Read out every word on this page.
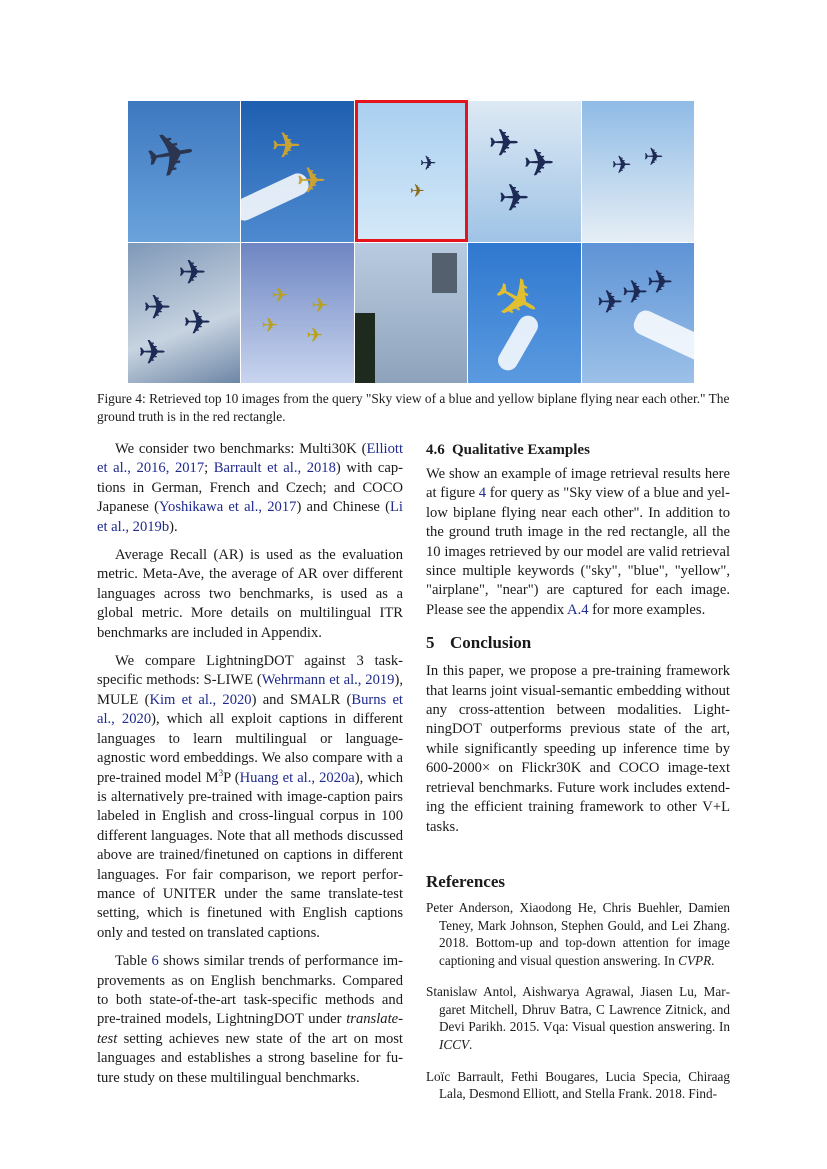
✈ ✈
✈	✈
✈
✈ ✈
✈
✈ ✈
✈
✈ ✈
✈
✈ ✈
✈ ✈	✈ ✈
✈
✈
Figure 4: Retrieved top 10 images from the query "Sky view of a blue and yellow biplane flying near each other." The ground truth is in the red rectangle.

We consider two benchmarks: Multi30K (Elliott et al., 2016, 2017; Barrault et al., 2018) with captions in German, French and Czech; and COCO Japanese (Yoshikawa et al., 2017) and Chinese (Li et al., 2019b).

Average Recall (AR) is used as the evaluation metric. Meta-Ave, the average of AR over different languages across two benchmarks, is used as a global metric. More details on multilingual ITR benchmarks are included in Appendix.

We compare LightningDOT against 3 task-specific methods: S-LIWE (Wehrmann et al., 2019), MULE (Kim et al., 2020) and SMALR (Burns et al., 2020), which all exploit captions in different languages to learn multilingual or language-agnostic word embeddings. We also compare with a pre-trained model $M^3P$ (Huang et al., 2020a), which is alternatively pre-trained with image-caption pairs labeled in English and cross-lingual corpus in 100 different languages. Note that all methods discussed above are trained/finetuned on captions in different languages. For fair comparison, we report performance of UNITER under the same translate-test setting, which is finetuned with English captions only and tested on translated captions.

Table 6 shows similar trends of performance improvements as on English benchmarks. Compared to both state-of-the-art task-specific methods and pre-trained models, LightningDOT under translate-test setting achieves new state of the art on most languages and establishes a strong baseline for future study on these multilingual benchmarks.

4.6 Qualitative Examples

We show an example of image retrieval results here at figure 4 for query as "Sky view of a blue and yellow biplane flying near each other". In addition to the ground truth image in the red rectangle, all the 10 images retrieved by our model are valid retrieval since multiple keywords ("sky", "blue", "yellow", "airplane", "near") are captured for each image. Please see the appendix A.4 for more examples.

5 Conclusion

In this paper, we propose a pre-training framework that learns joint visual-semantic embedding without any cross-attention between modalities. LightningDOT outperforms previous state of the art, while significantly speeding up inference time by 600-2000× on Flickr30K and COCO image-text retrieval benchmarks. Future work includes extending the efficient training framework to other V+L tasks.

References
Peter Anderson, Xiaodong He, Chris Buehler, Damien Teney, Mark Johnson, Stephen Gould, and Lei Zhang. 2018. Bottom-up and top-down attention for image captioning and visual question answering. In CVPR.
Stanislaw Antol, Aishwarya Agrawal, Jiasen Lu, Margaret Mitchell, Dhruv Batra, C Lawrence Zitnick, and Devi Parikh. 2015. Vqa: Visual question answering. In ICCV.
Loïc Barrault, Fethi Bougares, Lucia Specia, Chiraag Lala, Desmond Elliott, and Stella Frank. 2018. Find-
